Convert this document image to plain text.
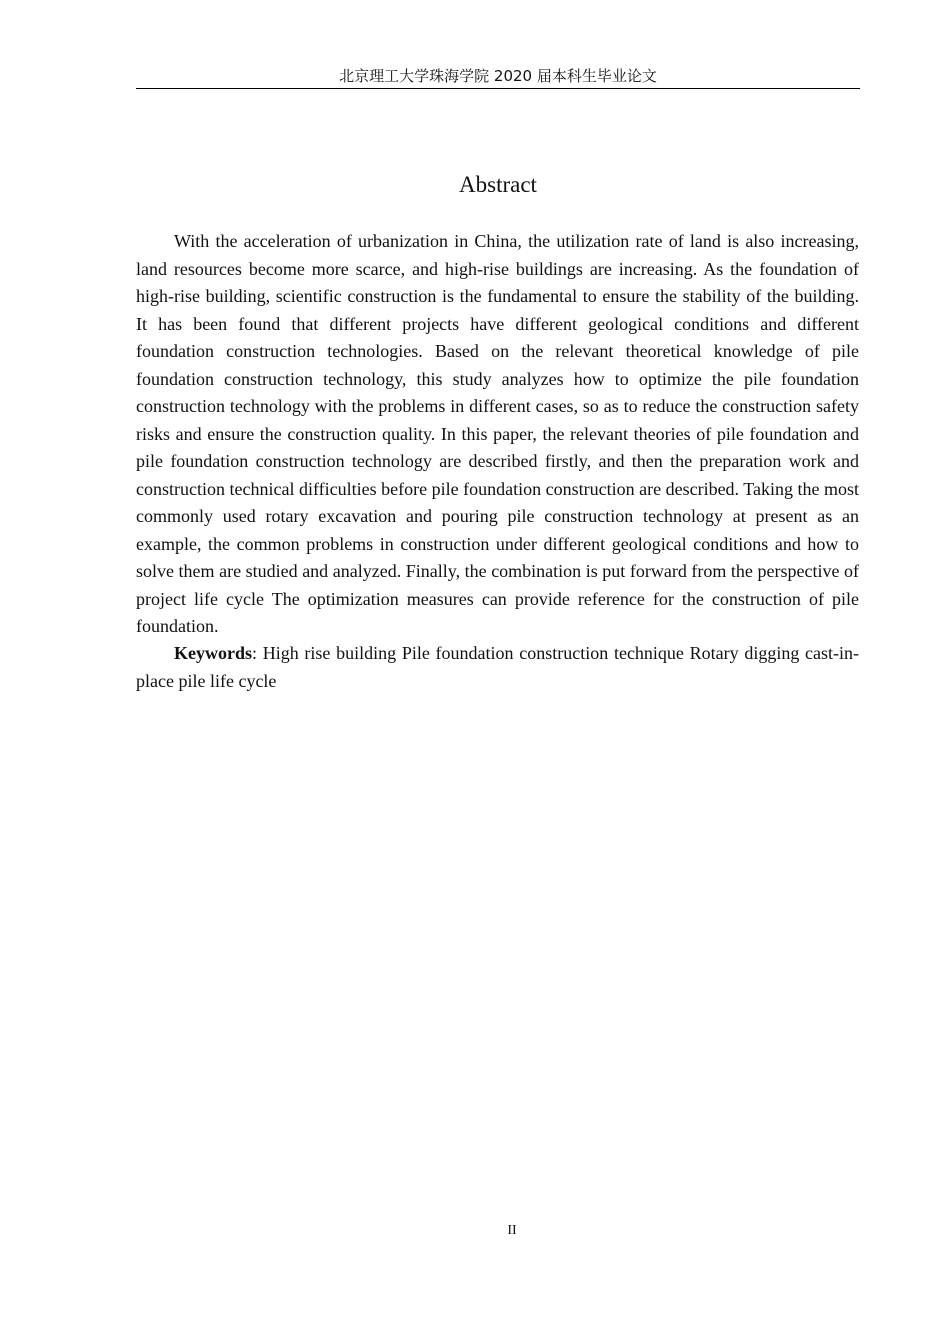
北京理工大学珠海学院 2020 届本科生毕业论文
Abstract

With the acceleration of urbanization in China, the utilization rate of land is also increasing, land resources become more scarce, and high-rise buildings are increasing. As the foundation of high-rise building, scientific construction is the fundamental to ensure the stability of the building. It has been found that different projects have different geological conditions and different foundation construction technologies. Based on the relevant theoretical knowledge of pile foundation construction technology, this study analyzes how to optimize the pile foundation construction technology with the problems in different cases, so as to reduce the construction safety risks and ensure the construction quality. In this paper, the relevant theories of pile foundation and pile foundation construction technology are described firstly, and then the preparation work and construction technical difficulties before pile foundation construction are described. Taking the most commonly used rotary excavation and pouring pile construction technology at present as an example, the common problems in construction under different geological conditions and how to solve them are studied and analyzed. Finally, the combination is put forward from the perspective of project life cycle The optimization measures can provide reference for the construction of pile foundation.

Keywords: High rise building Pile foundation construction technique Rotary digging cast-in-place pile life cycle

II
